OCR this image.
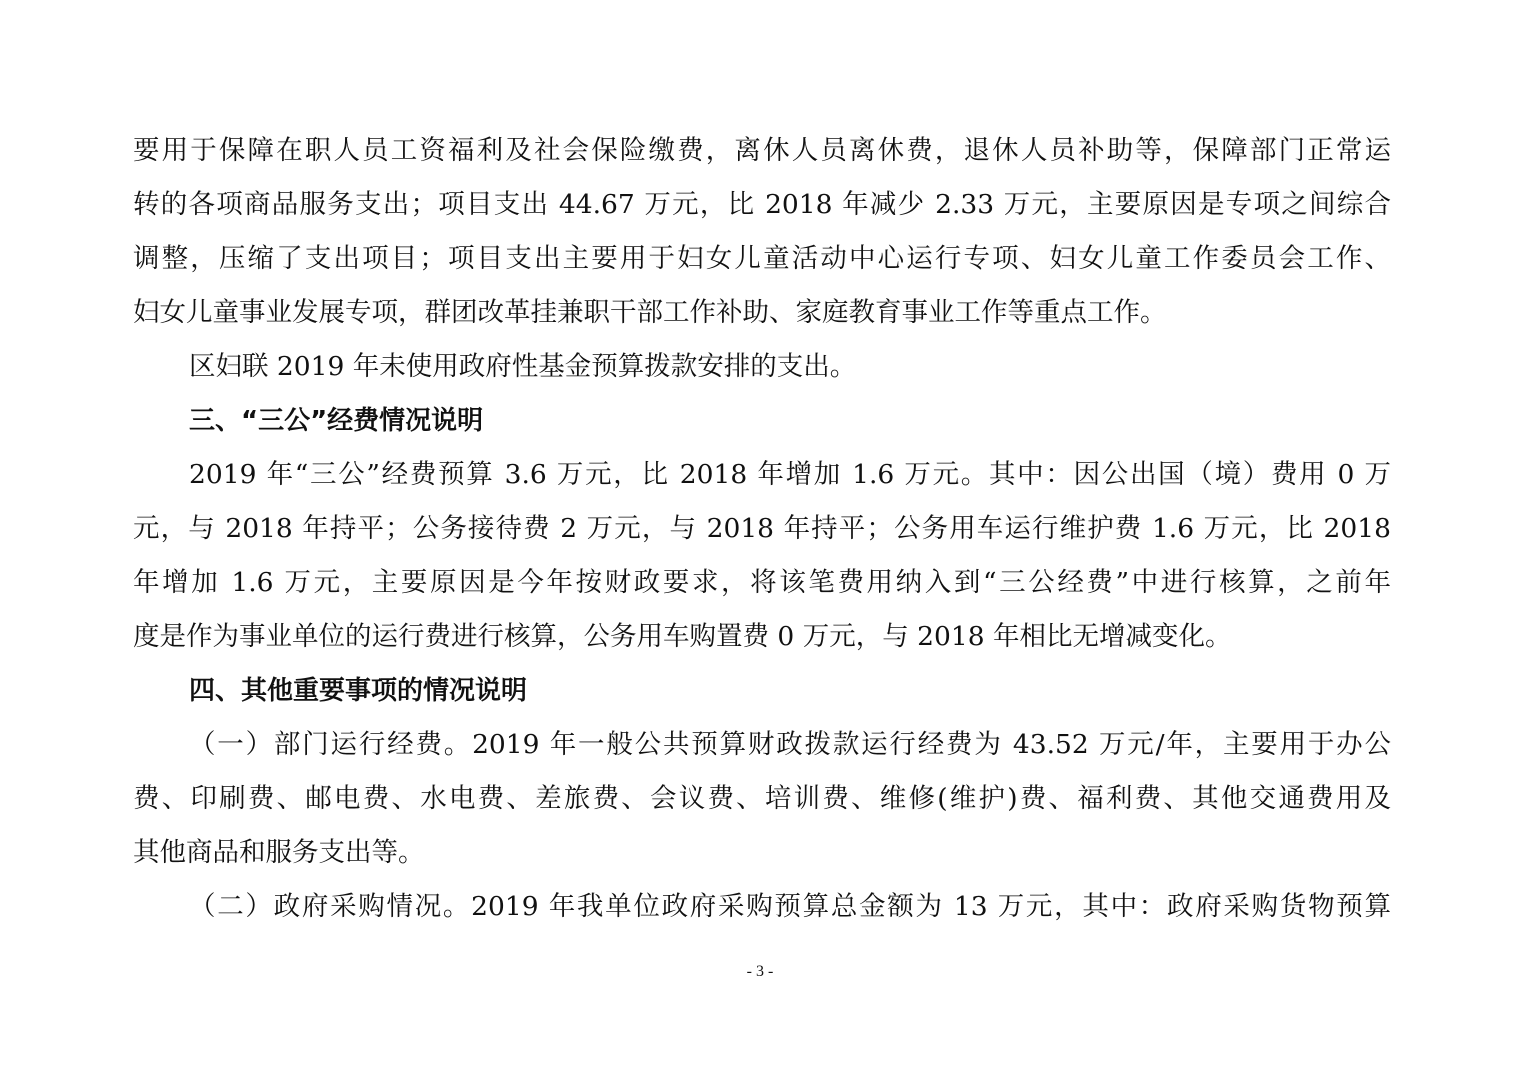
要用于保障在职人员工资福利及社会保险缴费，离休人员离休费，退休人员补助等，保障部门正常运
转的各项商品服务支出；项目支出 44.67 万元，比 2018 年减少 2.33 万元，主要原因是专项之间综合
调整，压缩了支出项目；项目支出主要用于妇女儿童活动中心运行专项、妇女儿童工作委员会工作、
妇女儿童事业发展专项，群团改革挂兼职干部工作补助、家庭教育事业工作等重点工作。
区妇联 2019 年未使用政府性基金预算拨款安排的支出。
三、“三公”经费情况说明
2019 年“三公”经费预算 3.6 万元，比 2018 年增加 1.6 万元。其中：因公出国（境）费用 0 万
元，与 2018 年持平；公务接待费 2 万元，与 2018 年持平；公务用车运行维护费 1.6 万元，比 2018
年增加 1.6 万元，主要原因是今年按财政要求，将该笔费用纳入到“三公经费”中进行核算，之前年
度是作为事业单位的运行费进行核算，公务用车购置费 0 万元，与 2018 年相比无增减变化。
四、其他重要事项的情况说明
（一）部门运行经费。2019 年一般公共预算财政拨款运行经费为 43.52 万元/年，主要用于办公
费、印刷费、邮电费、水电费、差旅费、会议费、培训费、维修(维护)费、福利费、其他交通费用及
其他商品和服务支出等。
（二）政府采购情况。2019 年我单位政府采购预算总金额为 13 万元，其中：政府采购货物预算
- 3 -
